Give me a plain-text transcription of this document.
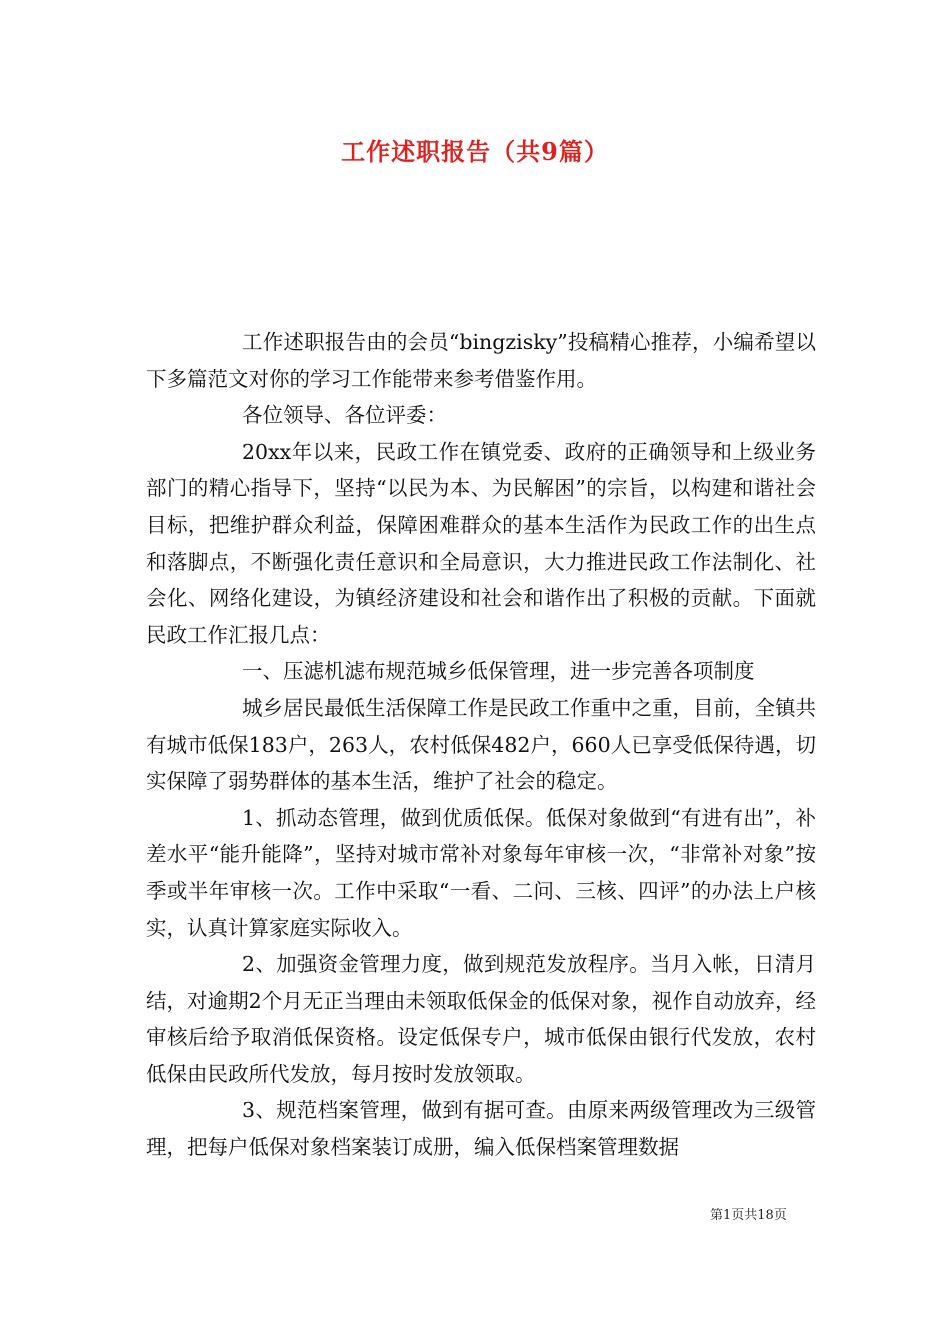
工作述职报告（共9篇）

工作述职报告由的会员“bingzisky”投稿精心推荐，小编希望以下多篇范文对你的学习工作能带来参考借鉴作用。

各位领导、各位评委：

20xx年以来，民政工作在镇党委、政府的正确领导和上级业务部门的精心指导下，坚持“以民为本、为民解困”的宗旨，以构建和谐社会目标，把维护群众利益，保障困难群众的基本生活作为民政工作的出生点和落脚点，不断强化责任意识和全局意识，大力推进民政工作法制化、社会化、网络化建设，为镇经济建设和社会和谐作出了积极的贡献。下面就民政工作汇报几点：

一、压滤机滤布规范城乡低保管理，进一步完善各项制度

城乡居民最低生活保障工作是民政工作重中之重，目前，全镇共有城市低保183户，263人，农村低保482户，660人已享受低保待遇，切实保障了弱势群体的基本生活，维护了社会的稳定。

1、抓动态管理，做到优质低保。低保对象做到“有进有出”，补差水平“能升能降”，坚持对城市常补对象每年审核一次，“非常补对象”按季或半年审核一次。工作中采取“一看、二问、三核、四评”的办法上户核实，认真计算家庭实际收入。

2、加强资金管理力度，做到规范发放程序。当月入帐，日清月结，对逾期2个月无正当理由未领取低保金的低保对象，视作自动放弃，经审核后给予取消低保资格。设定低保专户，城市低保由银行代发放，农村低保由民政所代发放，每月按时发放领取。

3、规范档案管理，做到有据可查。由原来两级管理改为三级管理，把每户低保对象档案装订成册，编入低保档案管理数据

第1页共18页
